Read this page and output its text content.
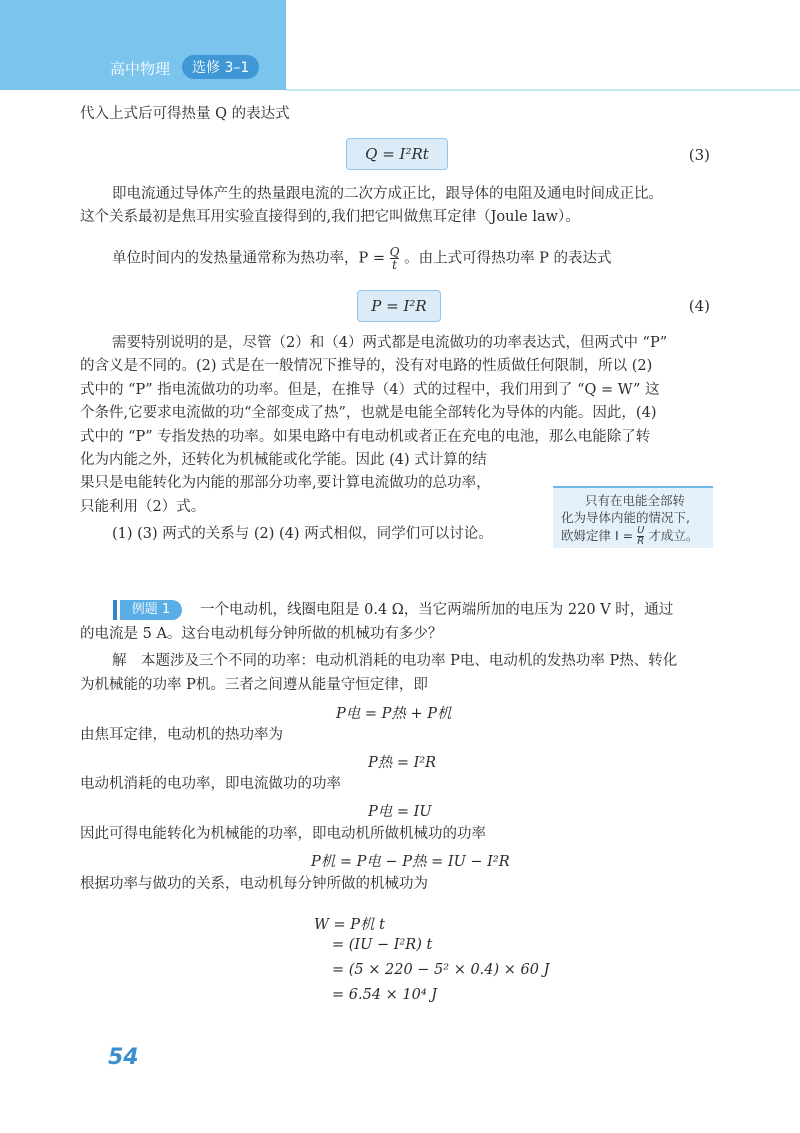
高中物理	选修 3–1
代入上式后可得热量 Q 的表达式
Q = I²Rt	(3)
即电流通过导体产生的热量跟电流的二次方成正比，跟导体的电阻及通电时间成正比。
这个关系最初是焦耳用实验直接得到的,我们把它叫做焦耳定律（Joule law）。
单位时间内的发热量通常称为热功率，$P = \frac{Q}{t}$ 。由上式可得热功率 P 的表达式
P = I²R	(4)
需要特别说明的是，尽管（2）和（4）两式都是电流做功的功率表达式，但两式中 “P”
的含义是不同的。(2) 式是在一般情况下推导的，没有对电路的性质做任何限制，所以 (2)
式中的 “P” 指电流做功的功率。但是，在推导（4）式的过程中，我们用到了 “Q = W” 这
个条件,它要求电流做的功“全部变成了热”，也就是电能全部转化为导体的内能。因此，(4)
式中的 “P” 专指发热的功率。如果电路中有电动机或者正在充电的电池，那么电能除了转
化为内能之外，还转化为机械能或化学能。因此 (4) 式计算的结
果只是电能转化为内能的那部分功率,要计算电流做功的总功率，
只能利用（2）式。
(1) (3) 两式的关系与 (2) (4) 两式相似，同学们可以讨论。
只有在电能全部转
化为导体内能的情况下,
欧姆定律 $I = \frac{U}{R}$ 才成立。
例题 1	一个电动机，线圈电阻是 0.4 Ω，当它两端所加的电压为 220 V 时，通过
的电流是 5 A。这台电动机每分钟所做的机械功有多少？
解　本题涉及三个不同的功率：电动机消耗的电功率 P电、电动机的发热功率 P热、转化
为机械能的功率 P机。三者之间遵从能量守恒定律，即
P电 = P热 + P机
由焦耳定律，电动机的热功率为
P热 = I²R
电动机消耗的电功率，即电流做功的功率
P电 = IU
因此可得电能转化为机械能的功率，即电动机所做机械功的功率
P机 = P电 − P热 = IU − I²R
根据功率与做功的关系，电动机每分钟所做的机械功为
W = P机 t
= (IU − I²R) t
= (5 × 220 − 5² × 0.4) × 60 J
= 6.54 × 10⁴ J
54
